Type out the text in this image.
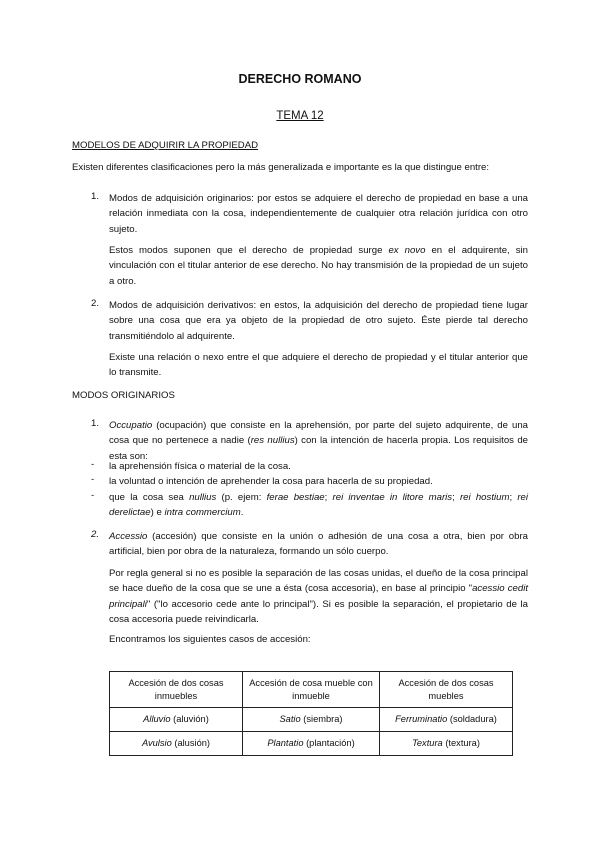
DERECHO ROMANO
TEMA 12
MODELOS DE ADQUIRIR LA PROPIEDAD
Existen diferentes clasificaciones pero la más generalizada e importante es la que distingue entre:
1. Modos de adquisición originarios: por estos se adquiere el derecho de propiedad en base a una relación inmediata con la cosa, independientemente de cualquier otra relación jurídica con otro sujeto.
Estos modos suponen que el derecho de propiedad surge ex novo en el adquirente, sin vinculación con el titular anterior de ese derecho. No hay transmisión de la propiedad de un sujeto a otro.
2. Modos de adquisición derivativos: en estos, la adquisición del derecho de propiedad tiene lugar sobre una cosa que era ya objeto de la propiedad de otro sujeto. Éste pierde tal derecho transmitiéndolo al adquirente.
Existe una relación o nexo entre el que adquiere el derecho de propiedad y el titular anterior que lo transmite.
MODOS ORIGINARIOS
1. Occupatio (ocupación) que consiste en la aprehensión, por parte del sujeto adquirente, de una cosa que no pertenece a nadie (res nullius) con la intención de hacerla propia. Los requisitos de esta son:
- la aprehensión física o material de la cosa.
- la voluntad o intención de aprehender la cosa para hacerla de su propiedad.
- que la cosa sea nullius (p. ejem: ferae bestiae; rei inventae in litore maris; rei hostium; rei derelictae) e intra commercium.
2. Accessio (accesión) que consiste en la unión o adhesión de una cosa a otra, bien por obra artificial, bien por obra de la naturaleza, formando un sólo cuerpo.
Por regla general si no es posible la separación de las cosas unidas, el dueño de la cosa principal se hace dueño de la cosa que se une a ésta (cosa accesoria), en base al principio "acessio cedit principali" ("lo accesorio cede ante lo principal"). Si es posible la separación, el propietario de la cosa accesoria puede reivindicarla.
Encontramos los siguientes casos de accesión:
Accesión de dos cosas inmuebles	Accesión de cosa mueble con inmueble	Accesión de dos cosas muebles
Alluvio (aluvión)	Satio (siembra)	Ferruminatio (soldadura)
Avulsio (alusión)	Plantatio (plantación)	Textura (textura)
